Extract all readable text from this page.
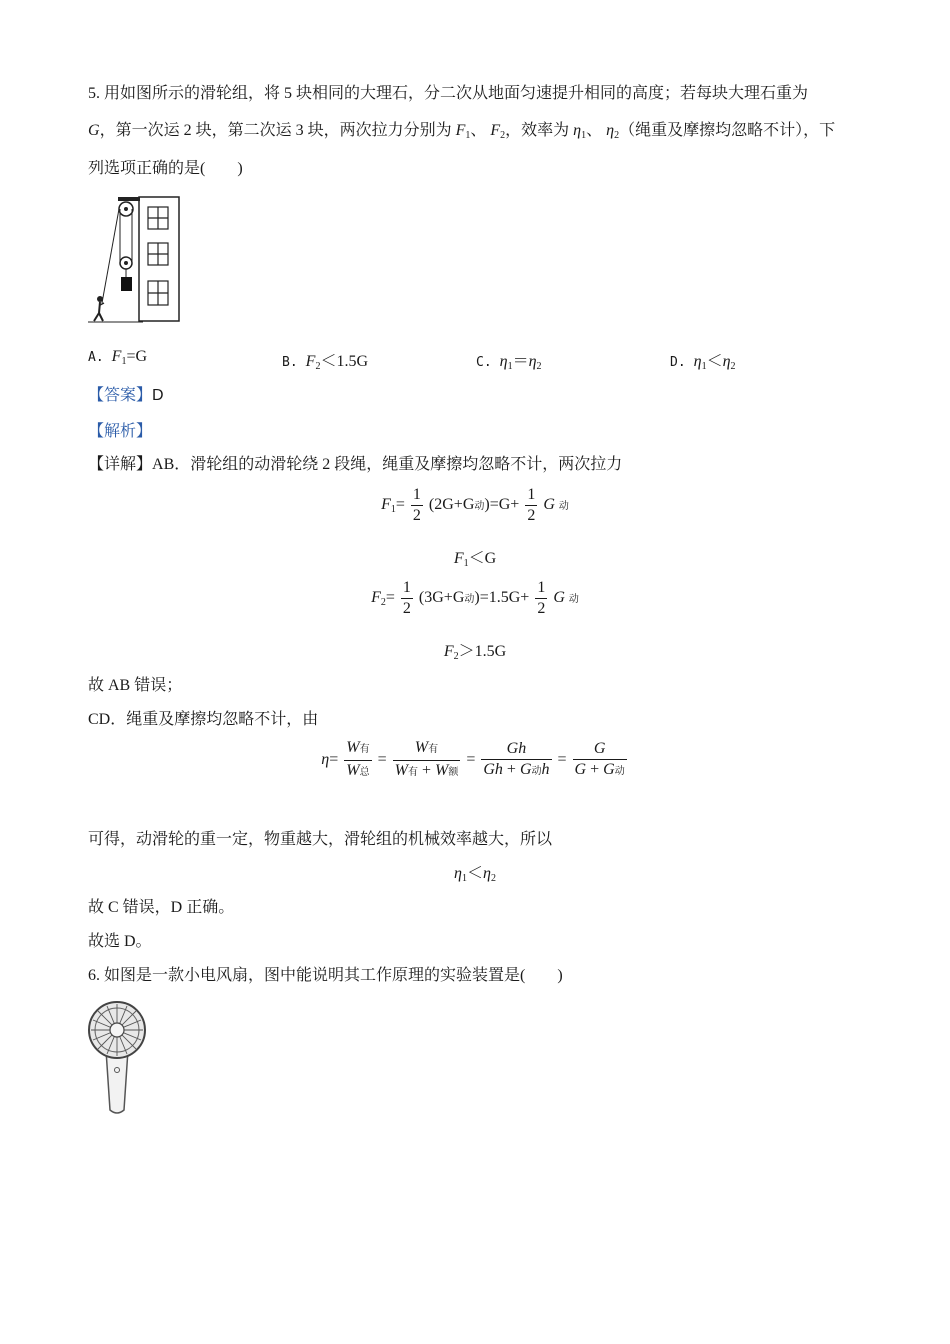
5. 用如图所示的滑轮组，将 5 块相同的大理石，分二次从地面匀速提升相同的高度；若每块大理石重为
G，第一次运 2 块，第二次运 3 块，两次拉力分别为 $F_1$、 $F_2$，效率为 $\eta_1$、 $\eta_2$（绳重及摩擦均忽略不计），下
列选项正确的是(　　)
A. $F_1=G$	B. $F_2<1.5G$	C. $\eta_1=\eta_2$	D. $\eta_1<\eta_2$
【答案】D
【解析】
【详解】AB．滑轮组的动滑轮绕 2 段绳，绳重及摩擦均忽略不计，两次拉力
$F_1= \frac{1}{2} (2G+G$动)$=G+ \frac{1}{2}$ G 动
$F_1<G$
$F_2= \frac{1}{2} (3G+G$动)$=1.5G+ \frac{1}{2}$ G 动
$F_2>1.5G$
故 AB 错误；
CD．绳重及摩擦均忽略不计，由
$\eta= \frac{\text{W有}}{\text{W总}} = \frac{\text{W有}}{\text{W有 + W额}} = \frac{Gh}{\text{Gh + G动h}} = \frac{G}{\text{G + G动}}$
可得，动滑轮的重一定，物重越大，滑轮组的机械效率越大，所以
$\eta_1<\eta_2$
故 C 错误，D 正确。
故选 D。
6. 如图是一款小电风扇，图中能说明其工作原理的实验装置是(　　)
